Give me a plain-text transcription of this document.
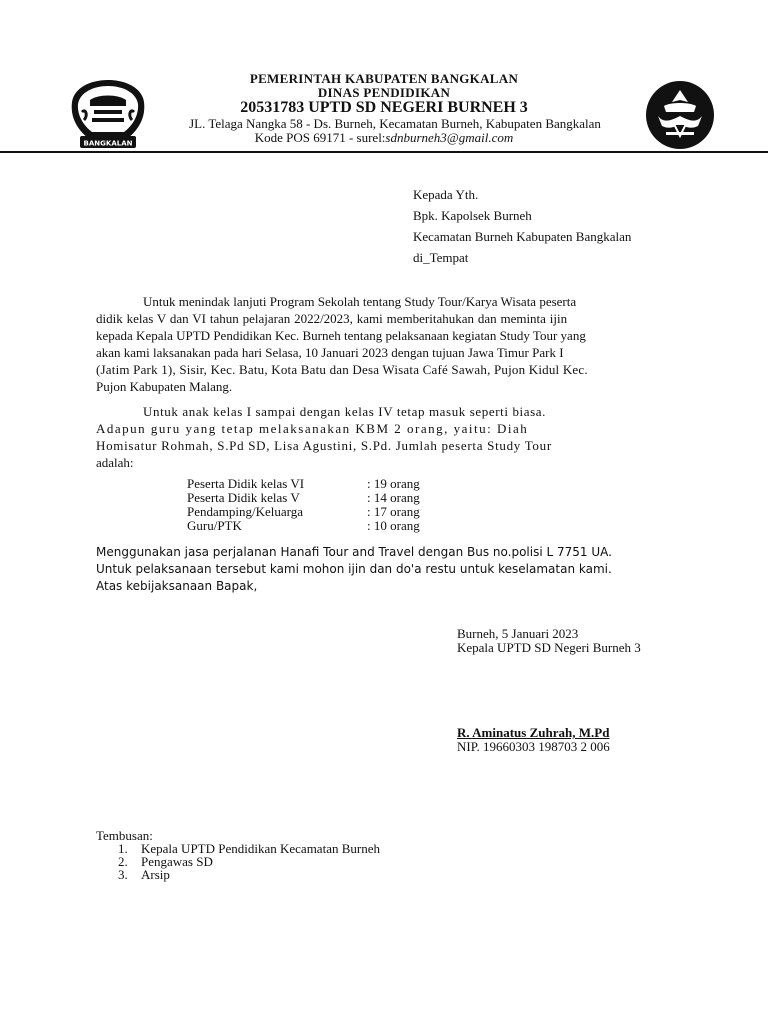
BANGKALAN
PEMERINTAH KABUPATEN BANGKALAN
DINAS PENDIDIKAN
20531783 UPTD SD NEGERI BURNEH 3
JL. Telaga Nangka 58 - Ds. Burneh, Kecamatan Burneh, Kabupaten Bangkalan
Kode POS 69171 - surel:sdnburneh3@gmail.com
Kepada Yth.
Bpk. Kapolsek Burneh
Kecamatan Burneh Kabupaten Bangkalan
di_Tempat
Untuk menindak lanjuti Program Sekolah tentang Study Tour/Karya Wisata peserta
didik kelas V dan VI tahun pelajaran 2022/2023, kami memberitahukan dan meminta ijin
kepada Kepala UPTD Pendidikan Kec. Burneh tentang pelaksanaan kegiatan Study Tour yang
akan kami laksanakan pada hari Selasa, 10 Januari 2023 dengan tujuan Jawa Timur Park I
(Jatim Park 1), Sisir, Kec. Batu, Kota Batu dan Desa Wisata Café Sawah, Pujon Kidul Kec.
Pujon Kabupaten Malang.
Untuk anak kelas I sampai dengan kelas IV tetap masuk seperti biasa.
Adapun guru yang tetap melaksanakan KBM 2 orang, yaitu: Diah
Homisatur Rohmah, S.Pd SD, Lisa Agustini, S.Pd. Jumlah peserta Study Tour
adalah:
Peserta Didik kelas VI	: 19 orang
Peserta Didik kelas V	: 14 orang
Pendamping/Keluarga	: 17 orang
Guru/PTK	: 10 orang
Menggunakan jasa perjalanan Hanafi Tour and Travel dengan Bus no.polisi L 7751 UA.
Untuk pelaksanaan tersebut kami mohon ijin dan do'a restu untuk keselamatan kami.
Atas kebijaksanaan Bapak,
Burneh, 5 Januari 2023
Kepala UPTD SD Negeri Burneh 3
R. Aminatus Zuhrah, M.Pd
NIP. 19660303 198703 2 006
Tembusan:
1. Kepala UPTD Pendidikan Kecamatan Burneh
2. Pengawas SD
3. Arsip
